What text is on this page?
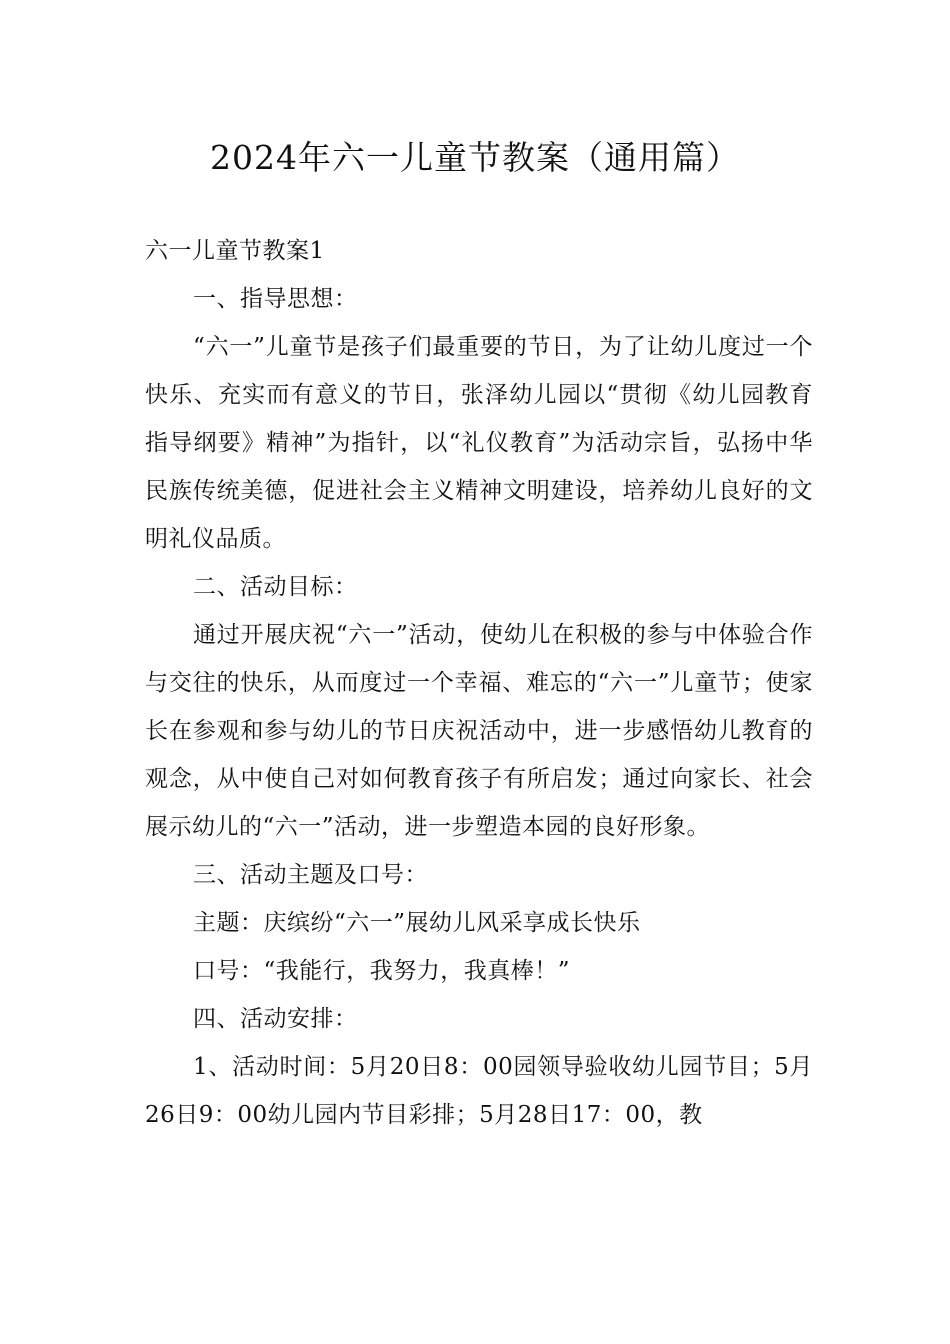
2024年六一儿童节教案（通用篇）

六一儿童节教案1

一、指导思想：

“六一”儿童节是孩子们最重要的节日，为了让幼儿度过一个快乐、充实而有意义的节日，张泽幼儿园以“贯彻《幼儿园教育指导纲要》精神”为指针，以“礼仪教育”为活动宗旨，弘扬中华民族传统美德，促进社会主义精神文明建设，培养幼儿良好的文明礼仪品质。

二、活动目标：

通过开展庆祝“六一”活动，使幼儿在积极的参与中体验合作与交往的快乐，从而度过一个幸福、难忘的“六一”儿童节；使家长在参观和参与幼儿的节日庆祝活动中，进一步感悟幼儿教育的观念，从中使自己对如何教育孩子有所启发；通过向家长、社会展示幼儿的“六一”活动，进一步塑造本园的良好形象。

三、活动主题及口号：

主题：庆缤纷“六一”展幼儿风采享成长快乐

口号：“我能行，我努力，我真棒！”

四、活动安排：

1、活动时间：5月20日8：00园领导验收幼儿园节目；5月26日9：00幼儿园内节目彩排；5月28日17：00，教
